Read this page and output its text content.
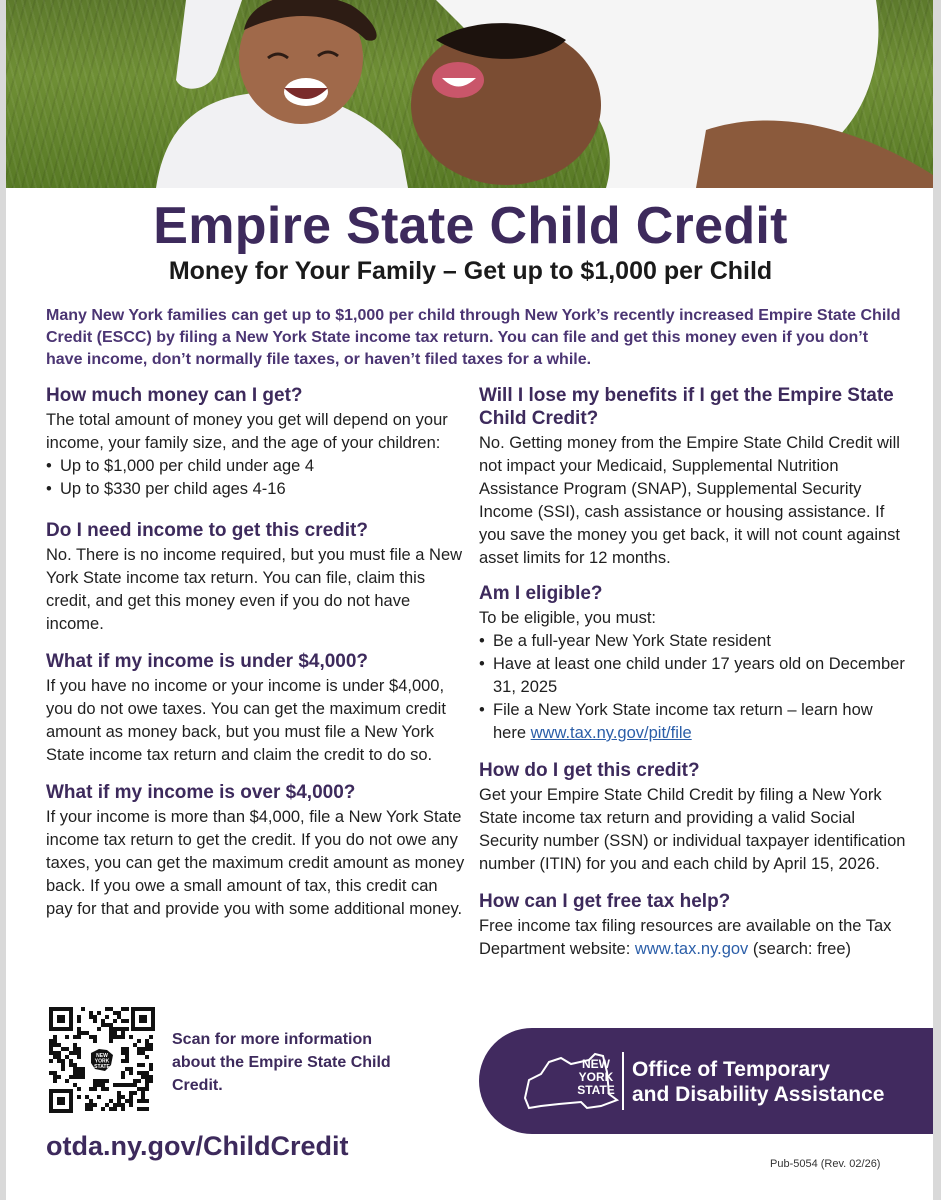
Empire State Child Credit
Money for Your Family – Get up to $1,000 per Child
Many New York families can get up to $1,000 per child through New York’s recently increased Empire State Child Credit (ESCC) by filing a New York State income tax return. You can file and get this money even if you don’t have income, don’t normally file taxes, or haven’t filed taxes for a while.
How much money can I get?

The total amount of money you get will depend on your income, your family size, and the age of your children:

• Up to $1,000 per child under age 4
• Up to $330 per child ages 4-16
Do I need income to get this credit?

No. There is no income required, but you must file a New York State income tax return. You can file, claim this credit, and get this money even if you do not have income.

What if my income is under $4,000?

If you have no income or your income is under $4,000, you do not owe taxes. You can get the maximum credit amount as money back, but you must file a New York State income tax return and claim the credit to do so.

What if my income is over $4,000?

If your income is more than $4,000, file a New York State income tax return to get the credit. If you do not owe any taxes, you can get the maximum credit amount as money back. If you owe a small amount of tax, this credit can pay for that and provide you with some additional money.

Will I lose my benefits if I get the Empire State Child Credit?

No. Getting money from the Empire State Child Credit will not impact your Medicaid, Supplemental Nutrition Assistance Program (SNAP), Supplemental Security Income (SSI), cash assistance or housing assistance. If you save the money you get back, it will not count against asset limits for 12 months.

Am I eligible?

To be eligible, you must:

• Be a full-year New York State resident
• Have at least one child under 17 years old on December 31, 2025
• File a New York State income tax return – learn how here www.tax.ny.gov/pit/file
How do I get this credit?

Get your Empire State Child Credit by filing a New York State income tax return and providing a valid Social Security number (SSN) or individual taxpayer identification number (ITIN) for you and each child by April 15, 2026.

How can I get free tax help?

Free income tax filing resources are available on the Tax Department website: www.tax.ny.gov (search: free)

NEW
YORK
STATE
Scan for more information about the Empire State Child Credit.
otda.ny.gov/ChildCredit
NEW
YORK
STATE
Office of Temporary
and Disability Assistance
Pub-5054 (Rev. 02/26)
